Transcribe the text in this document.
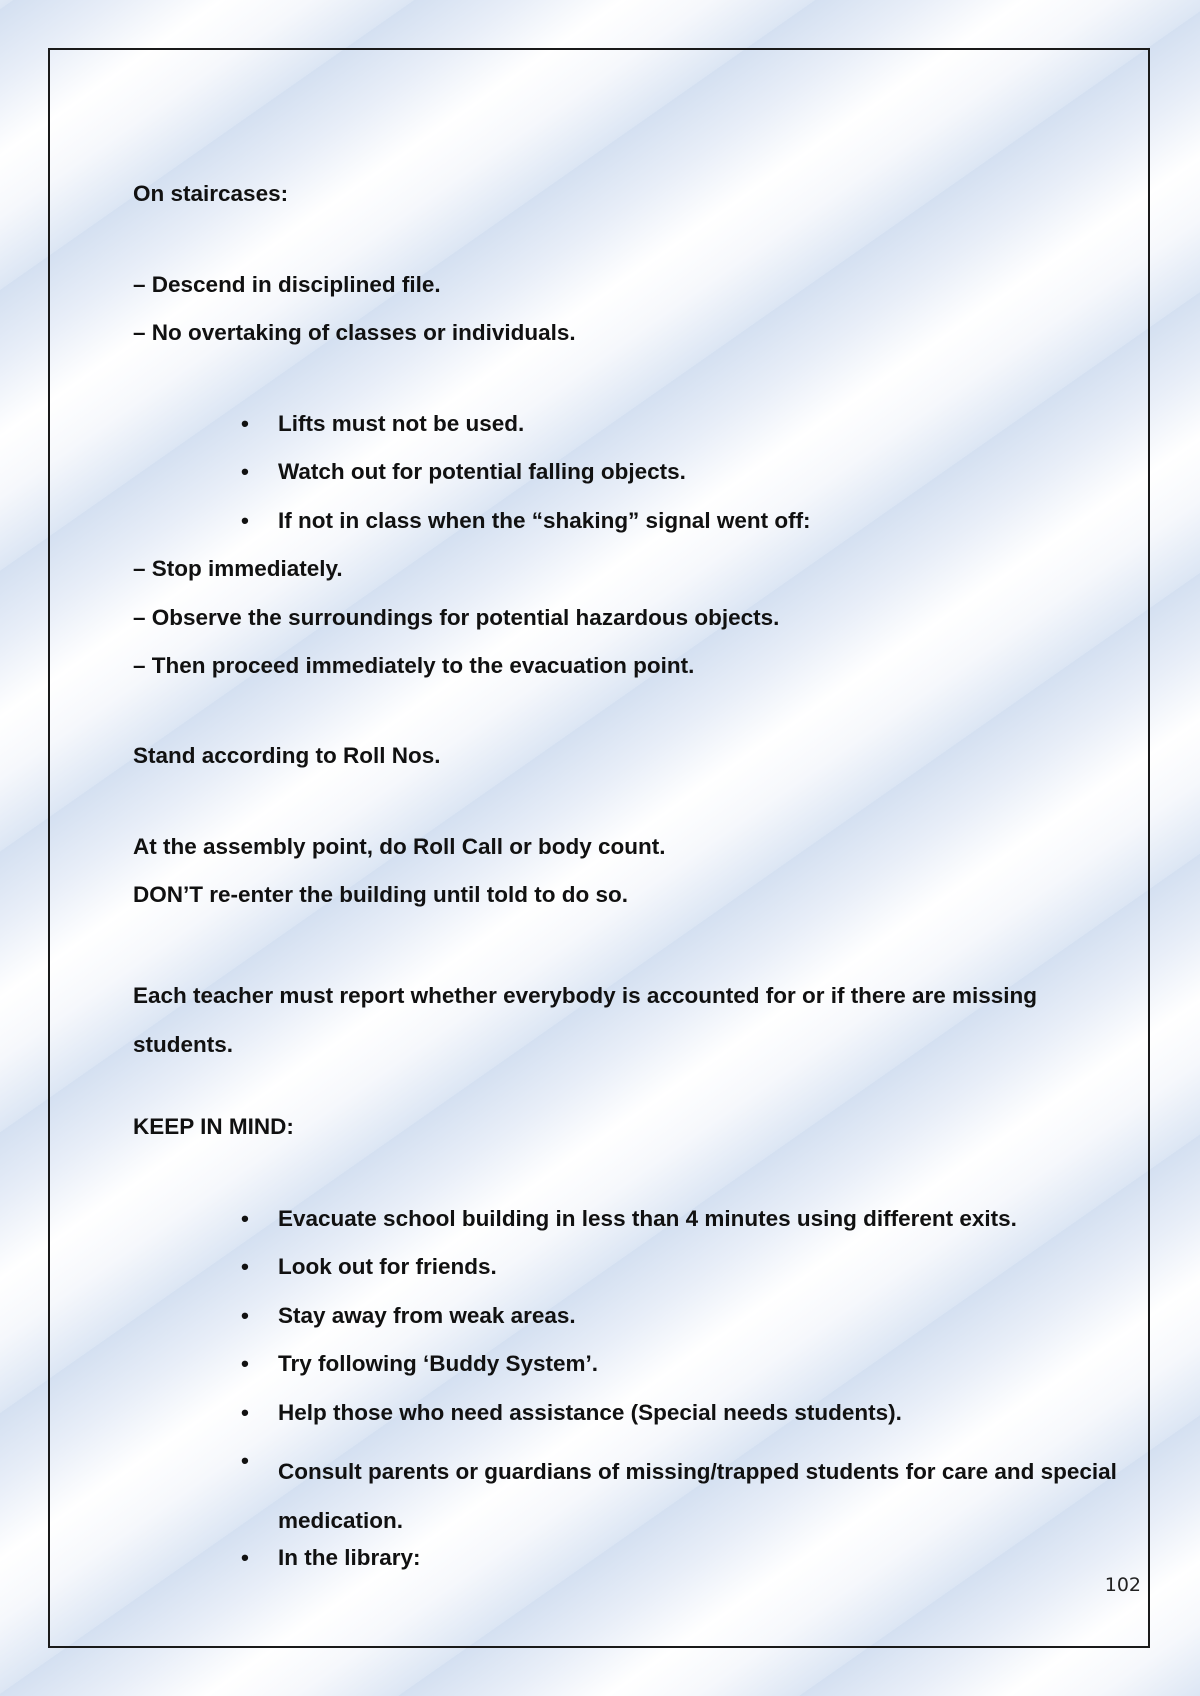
On staircases:
– Descend in disciplined file.
– No overtaking of classes or individuals.
• Lifts must not be used.
• Watch out for potential falling objects.
• If not in class when the “shaking” signal went off:
– Stop immediately.
– Observe the surroundings for potential hazardous objects.
– Then proceed immediately to the evacuation point.
Stand according to Roll Nos.
At the assembly point, do Roll Call or body count.
DON’T re-enter the building until told to do so.
Each teacher must report whether everybody is accounted for or if there are missing students.
KEEP IN MIND:
• Evacuate school building in less than 4 minutes using different exits.
• Look out for friends.
• Stay away from weak areas.
• Try following ‘Buddy System’.
• Help those who need assistance (Special needs students).
• Consult parents or guardians of missing/trapped students for care and special medication.
• In the library:
102
